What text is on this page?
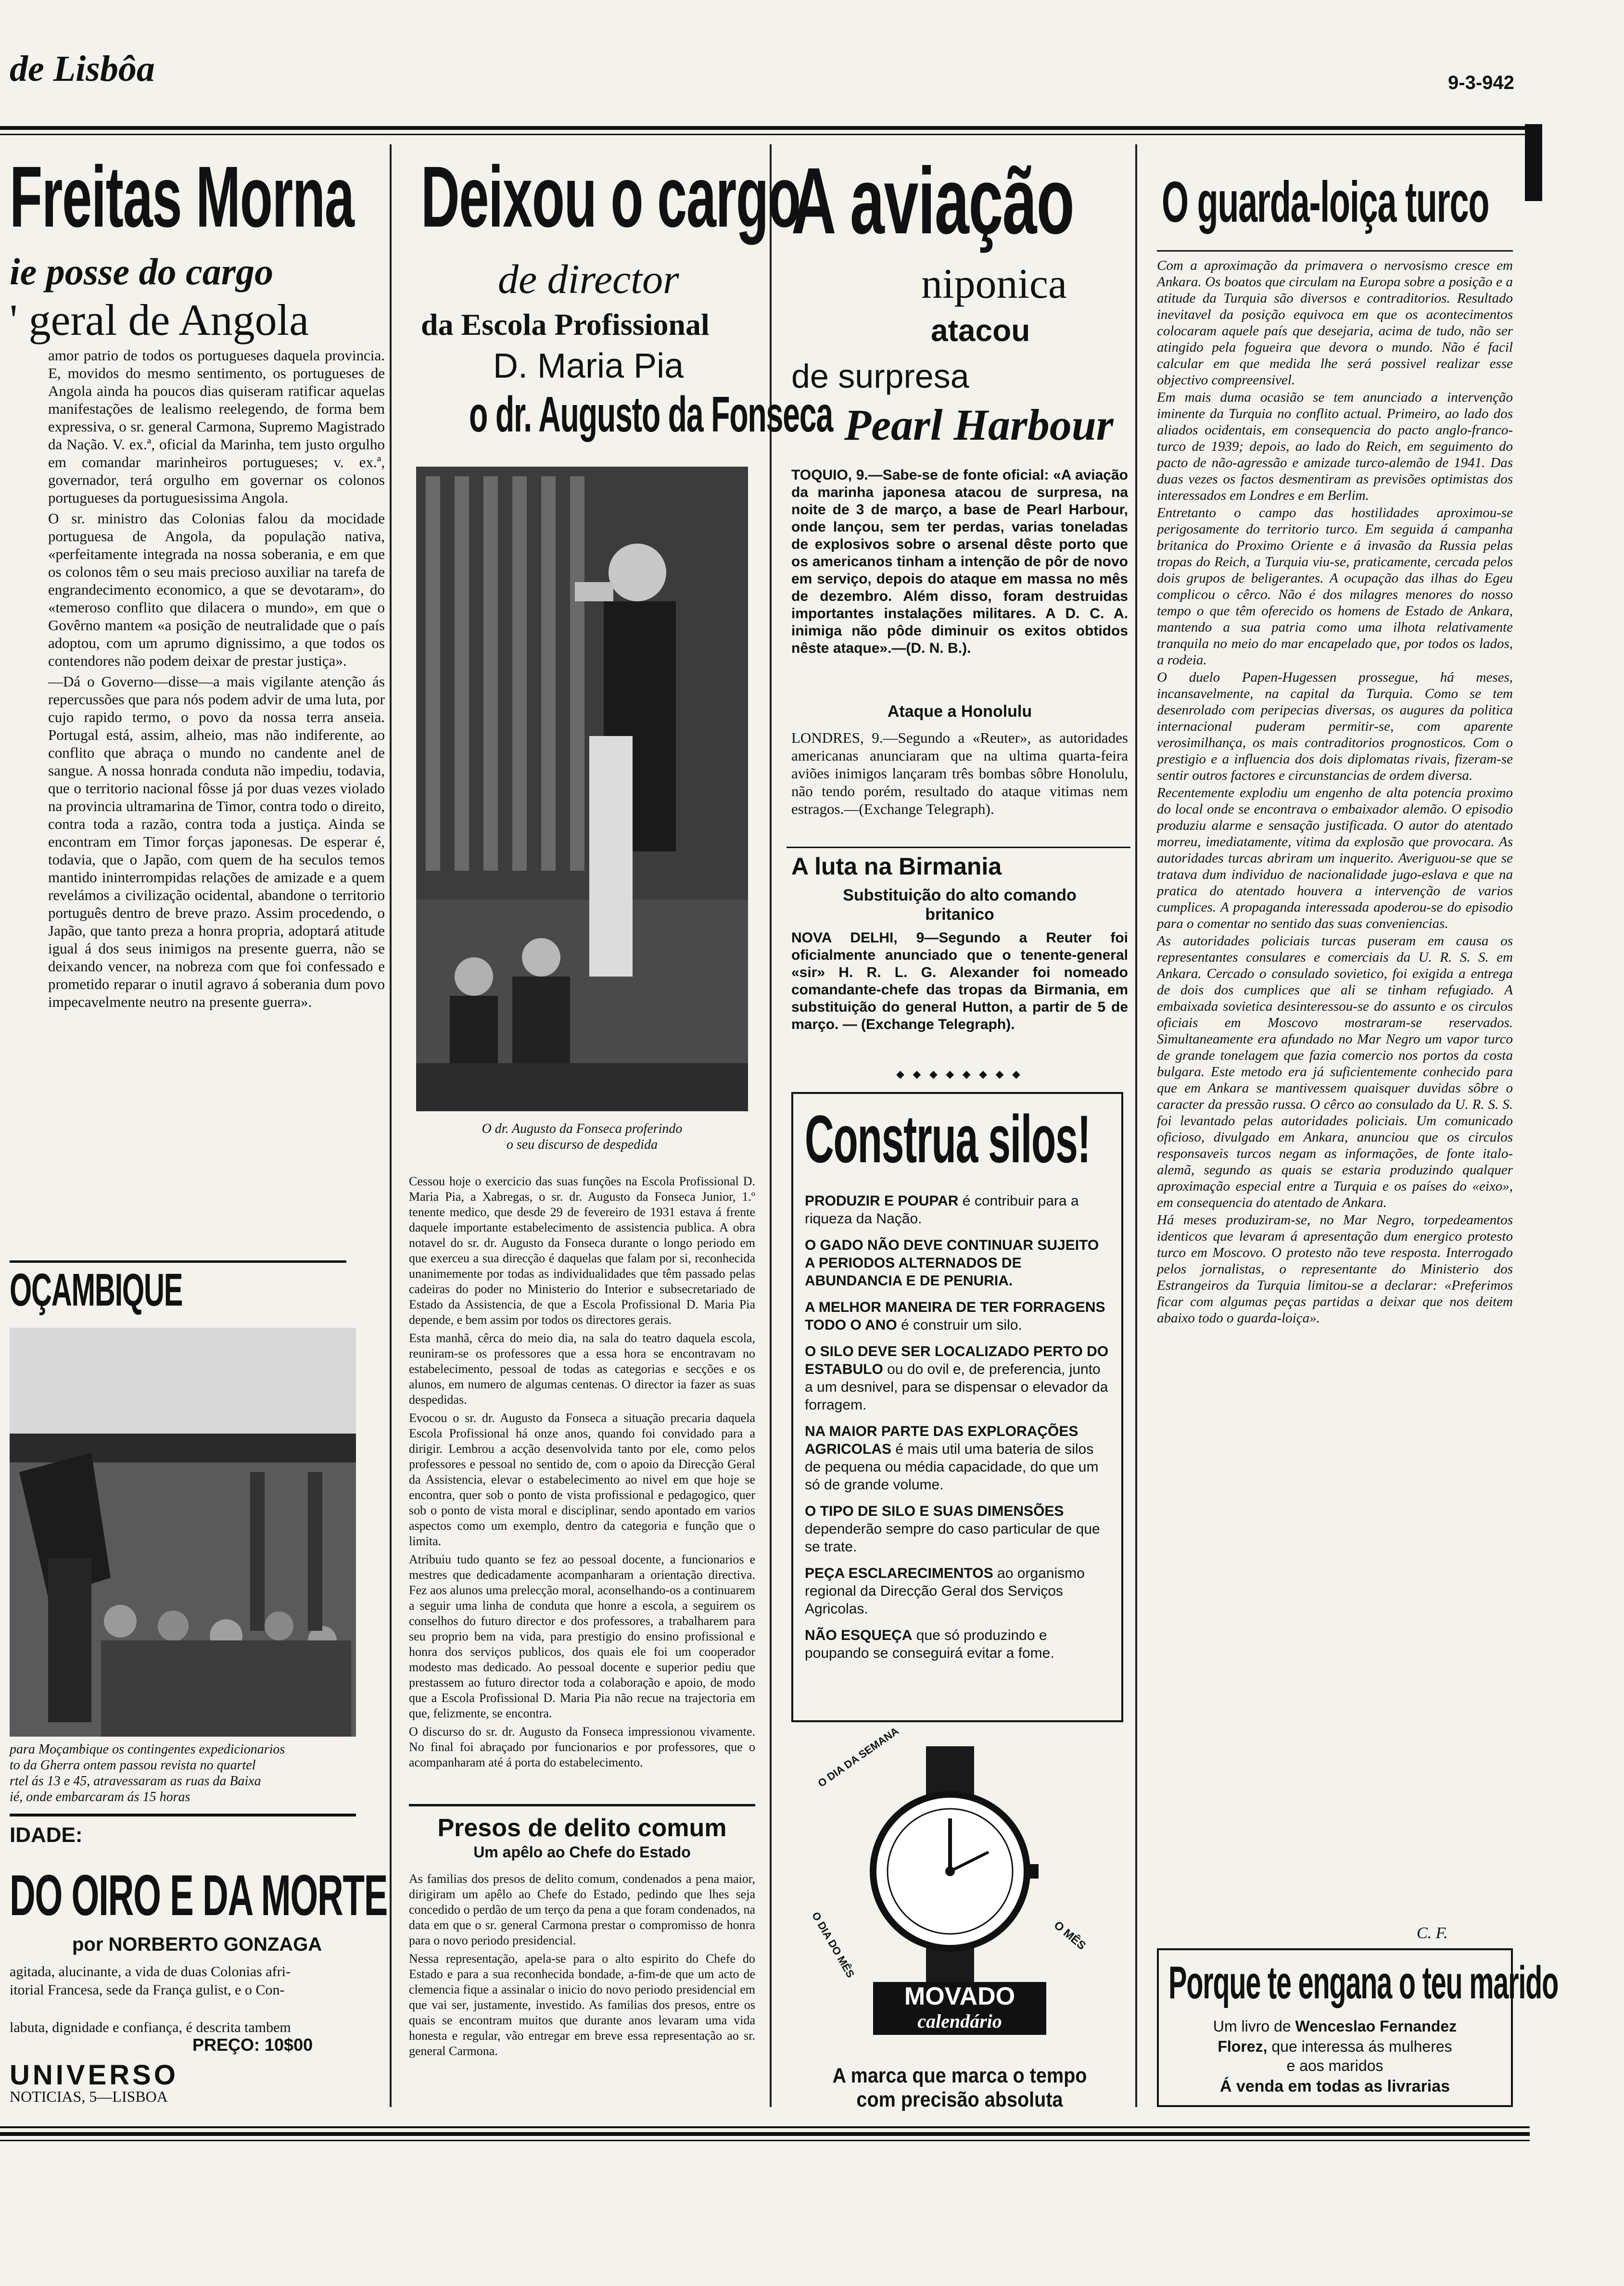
de Lisbôa	9-3-942
Freitas Morna
ie posse do cargo
' geral de Angola

amor patrio de todos os portugueses daquela provincia. E, movidos do mesmo sentimento, os portugueses de Angola ainda ha poucos dias quiseram ratificar aquelas manifestações de lealismo reelegendo, de forma bem expressiva, o sr. general Carmona, Supremo Magistrado da Nação. V. ex.ª, oficial da Marinha, tem justo orgulho em comandar marinheiros portugueses; v. ex.ª, governador, terá orgulho em governar os colonos portugueses da portuguesissima Angola.

O sr. ministro das Colonias falou da mocidade portuguesa de Angola, da população nativa, «perfeitamente integrada na nossa soberania, e em que os colonos têm o seu mais precioso auxiliar na tarefa de engrandecimento economico, a que se devotaram», do «temeroso conflito que dilacera o mundo», em que o Govêrno mantem «a posição de neutralidade que o país adoptou, com um aprumo dignissimo, a que todos os contendores não podem deixar de prestar justiça».

—Dá o Governo—disse—a mais vigilante atenção ás repercussões que para nós podem advir de uma luta, por cujo rapido termo, o povo da nossa terra anseia. Portugal está, assim, alheio, mas não indiferente, ao conflito que abraça o mundo no candente anel de sangue. A nossa honrada conduta não impediu, todavia, que o territorio nacional fôsse já por duas vezes violado na provincia ultramarina de Timor, contra todo o direito, contra toda a razão, contra toda a justiça. Ainda se encontram em Timor forças japonesas. De esperar é, todavia, que o Japão, com quem de ha seculos temos mantido ininterrompidas relações de amizade e a quem revelámos a civilização ocidental, abandone o territorio português dentro de breve prazo. Assim procedendo, o Japão, que tanto preza a honra propria, adoptará atitude igual á dos seus inimigos na presente guerra, não se deixando vencer, na nobreza com que foi confessado e prometido reparar o inutil agravo á soberania dum povo impecavelmente neutro na presente guerra».

OÇAMBIQUE
para Moçambique os contingentes expedicionarios
to da Gherra ontem passou revista no quartel
rtel ás 13 e 45, atravessaram as ruas da Baixa
ié, onde embarcaram ás 15 horas
IDADE:
DO OIRO E DA MORTE
por NORBERTO GONZAGA
agitada, alucinante, a vida de duas Colonias afri-
itorial Francesa, sede da França gulist, e o Con-
labuta, dignidade e confiança, é descrita tambem
PREÇO: 10$00
UNIVERSO
NOTICIAS, 5—LISBOA
Deixou o cargo
de director
da Escola Profissional
D. Maria Pia
o dr. Augusto da Fonseca
O dr. Augusto da Fonseca proferindo
o seu discurso de despedida

Cessou hoje o exercicio das suas funções na Escola Profissional D. Maria Pia, a Xabregas, o sr. dr. Augusto da Fonseca Junior, 1.º tenente medico, que desde 29 de fevereiro de 1931 estava á frente daquele importante estabelecimento de assistencia publica. A obra notavel do sr. dr. Augusto da Fonseca durante o longo periodo em que exerceu a sua direcção é daquelas que falam por si, reconhecida unanimemente por todas as individualidades que têm passado pelas cadeiras do poder no Ministerio do Interior e subsecretariado de Estado da Assistencia, de que a Escola Profissional D. Maria Pia depende, e bem assim por todos os directores gerais.

Esta manhã, cêrca do meio dia, na sala do teatro daquela escola, reuniram-se os professores que a essa hora se encontravam no estabelecimento, pessoal de todas as categorias e secções e os alunos, em numero de algumas centenas. O director ia fazer as suas despedidas.

Evocou o sr. dr. Augusto da Fonseca a situação precaria daquela Escola Profissional há onze anos, quando foi convidado para a dirigir. Lembrou a acção desenvolvida tanto por ele, como pelos professores e pessoal no sentido de, com o apoio da Direcção Geral da Assistencia, elevar o estabelecimento ao nivel em que hoje se encontra, quer sob o ponto de vista profissional e pedagogico, quer sob o ponto de vista moral e disciplinar, sendo apontado em varios aspectos como um exemplo, dentro da categoria e função que o limita.

Atribuiu tudo quanto se fez ao pessoal docente, a funcionarios e mestres que dedicadamente acompanharam a orientação directiva. Fez aos alunos uma prelecção moral, aconselhando-os a continuarem a seguir uma linha de conduta que honre a escola, a seguirem os conselhos do futuro director e dos professores, a trabalharem para seu proprio bem na vida, para prestigio do ensino profissional e honra dos serviços publicos, dos quais ele foi um cooperador modesto mas dedicado. Ao pessoal docente e superior pediu que prestassem ao futuro director toda a colaboração e apoio, de modo que a Escola Profissional D. Maria Pia não recue na trajectoria em que, felizmente, se encontra.

O discurso do sr. dr. Augusto da Fonseca impressionou vivamente. No final foi abraçado por funcionarios e por professores, que o acompanharam até á porta do estabelecimento.

Presos de delito comum
Um apêlo ao Chefe do Estado

As familias dos presos de delito comum, condenados a pena maior, dirigiram um apêlo ao Chefe do Estado, pedindo que lhes seja concedido o perdão de um terço da pena a que foram condenados, na data em que o sr. general Carmona prestar o compromisso de honra para o novo periodo presidencial.

Nessa representação, apela-se para o alto espirito do Chefe do Estado e para a sua reconhecida bondade, a-fim-de que um acto de clemencia fique a assinalar o inicio do novo periodo presidencial em que vai ser, justamente, investido. As familias dos presos, entre os quais se encontram muitos que durante anos levaram uma vida honesta e regular, vão entregar em breve essa representação ao sr. general Carmona.

A aviação
niponica
atacou
de surpresa
Pearl Harbour
TOQUIO, 9.—Sabe-se de fonte oficial: «A aviação da marinha japonesa atacou de surpresa, na noite de 3 de março, a base de Pearl Harbour, onde lançou, sem ter perdas, varias toneladas de explosivos sobre o arsenal dêste porto que os americanos tinham a intenção de pôr de novo em serviço, depois do ataque em massa no mês de dezembro. Além disso, foram destruidas importantes instalações militares. A D. C. A. inimiga não pôde diminuir os exitos obtidos nêste ataque».—(D. N. B.).
Ataque a Honolulu
LONDRES, 9.—Segundo a «Reuter», as autoridades americanas anunciaram que na ultima quarta-feira aviões inimigos lançaram três bombas sôbre Honolulu, não tendo porém, resultado do ataque vitimas nem estragos.—(Exchange Telegraph).
A luta na Birmania
Substituição do alto comando
britanico
NOVA DELHI, 9—Segundo a Reuter foi oficialmente anunciado que o tenente-general «sir» H. R. L. G. Alexander foi nomeado comandante-chefe das tropas da Birmania, em substituição do general Hutton, a partir de 5 de março. — (Exchange Telegraph).
◆ ◆ ◆ ◆ ◆ ◆ ◆ ◆
Construa silos!

PRODUZIR E POUPAR é contribuir para a riqueza da Nação.

O GADO NÃO DEVE CONTINUAR SUJEITO A PERIODOS ALTERNADOS DE ABUNDANCIA E DE PENURIA.

A MELHOR MANEIRA DE TER FORRAGENS TODO O ANO é construir um silo.

O SILO DEVE SER LOCALIZADO PERTO DO ESTABULO ou do ovil e, de preferencia, junto a um desnivel, para se dispensar o elevador da forragem.

NA MAIOR PARTE DAS EXPLORAÇÕES AGRICOLAS é mais util uma bateria de silos de pequena ou média capacidade, do que um só de grande volume.

O TIPO DE SILO E SUAS DIMENSÕES dependerão sempre do caso particular de que se trate.

PEÇA ESCLARECIMENTOS ao organismo regional da Direcção Geral dos Serviços Agricolas.

NÃO ESQUEÇA que só produzindo e poupando se conseguirá evitar a fome.

O DIA DA SEMANA
O MÊS
O DIA DO MÊS
MOVADO
calendário
A marca que marca o tempo
com precisão absoluta
O guarda-loiça turco

Com a aproximação da primavera o nervosismo cresce em Ankara. Os boatos que circulam na Europa sobre a posição e a atitude da Turquia são diversos e contraditorios. Resultado inevitavel da posição equivoca em que os acontecimentos colocaram aquele país que desejaria, acima de tudo, não ser atingido pela fogueira que devora o mundo. Não é facil calcular em que medida lhe será possivel realizar esse objectivo compreensivel.

Em mais duma ocasião se tem anunciado a intervenção iminente da Turquia no conflito actual. Primeiro, ao lado dos aliados ocidentais, em consequencia do pacto anglo-franco-turco de 1939; depois, ao lado do Reich, em seguimento do pacto de não-agressão e amizade turco-alemão de 1941. Das duas vezes os factos desmentiram as previsões optimistas dos interessados em Londres e em Berlim.

Entretanto o campo das hostilidades aproximou-se perigosamente do territorio turco. Em seguida á campanha britanica do Proximo Oriente e á invasão da Russia pelas tropas do Reich, a Turquia viu-se, praticamente, cercada pelos dois grupos de beligerantes. A ocupação das ilhas do Egeu complicou o cêrco. Não é dos milagres menores do nosso tempo o que têm oferecido os homens de Estado de Ankara, mantendo a sua patria como uma ilhota relativamente tranquila no meio do mar encapelado que, por todos os lados, a rodeia.

O duelo Papen-Hugessen prossegue, há meses, incansavelmente, na capital da Turquia. Como se tem desenrolado com peripecias diversas, os augures da politica internacional puderam permitir-se, com aparente verosimilhança, os mais contraditorios prognosticos. Com o prestigio e a influencia dos dois diplomatas rivais, fizeram-se sentir outros factores e circunstancias de ordem diversa.

Recentemente explodiu um engenho de alta potencia proximo do local onde se encontrava o embaixador alemão. O episodio produziu alarme e sensação justificada. O autor do atentado morreu, imediatamente, vitima da explosão que provocara. As autoridades turcas abriram um inquerito. Averiguou-se que se tratava dum individuo de nacionalidade jugo-eslava e que na pratica do atentado houvera a intervenção de varios cumplices. A propaganda interessada apoderou-se do episodio para o comentar no sentido das suas conveniencias.

As autoridades policiais turcas puseram em causa os representantes consulares e comerciais da U. R. S. S. em Ankara. Cercado o consulado sovietico, foi exigida a entrega de dois dos cumplices que ali se tinham refugiado. A embaixada sovietica desinteressou-se do assunto e os circulos oficiais em Moscovo mostraram-se reservados. Simultaneamente era afundado no Mar Negro um vapor turco de grande tonelagem que fazia comercio nos portos da costa bulgara. Este metodo era já suficientemente conhecido para que em Ankara se mantivessem quaisquer duvidas sôbre o caracter da pressão russa. O cêrco ao consulado da U. R. S. S. foi levantado pelas autoridades policiais. Um comunicado oficioso, divulgado em Ankara, anunciou que os circulos responsaveis turcos negam as informações, de fonte italo-alemã, segundo as quais se estaria produzindo qualquer aproximação especial entre a Turquia e os países do «eixo», em consequencia do atentado de Ankara.

Há meses produziram-se, no Mar Negro, torpedeamentos identicos que levaram á apresentação dum energico protesto turco em Moscovo. O protesto não teve resposta. Interrogado pelos jornalistas, o representante do Ministerio dos Estrangeiros da Turquia limitou-se a declarar: «Preferimos ficar com algumas peças partidas a deixar que nos deitem abaixo todo o guarda-loiça».

C. F.
Porque te engana o teu marido
Um livro de Wenceslao Fernandez
Florez, que interessa ás mulheres
e aos maridos
Á venda em todas as livrarias
